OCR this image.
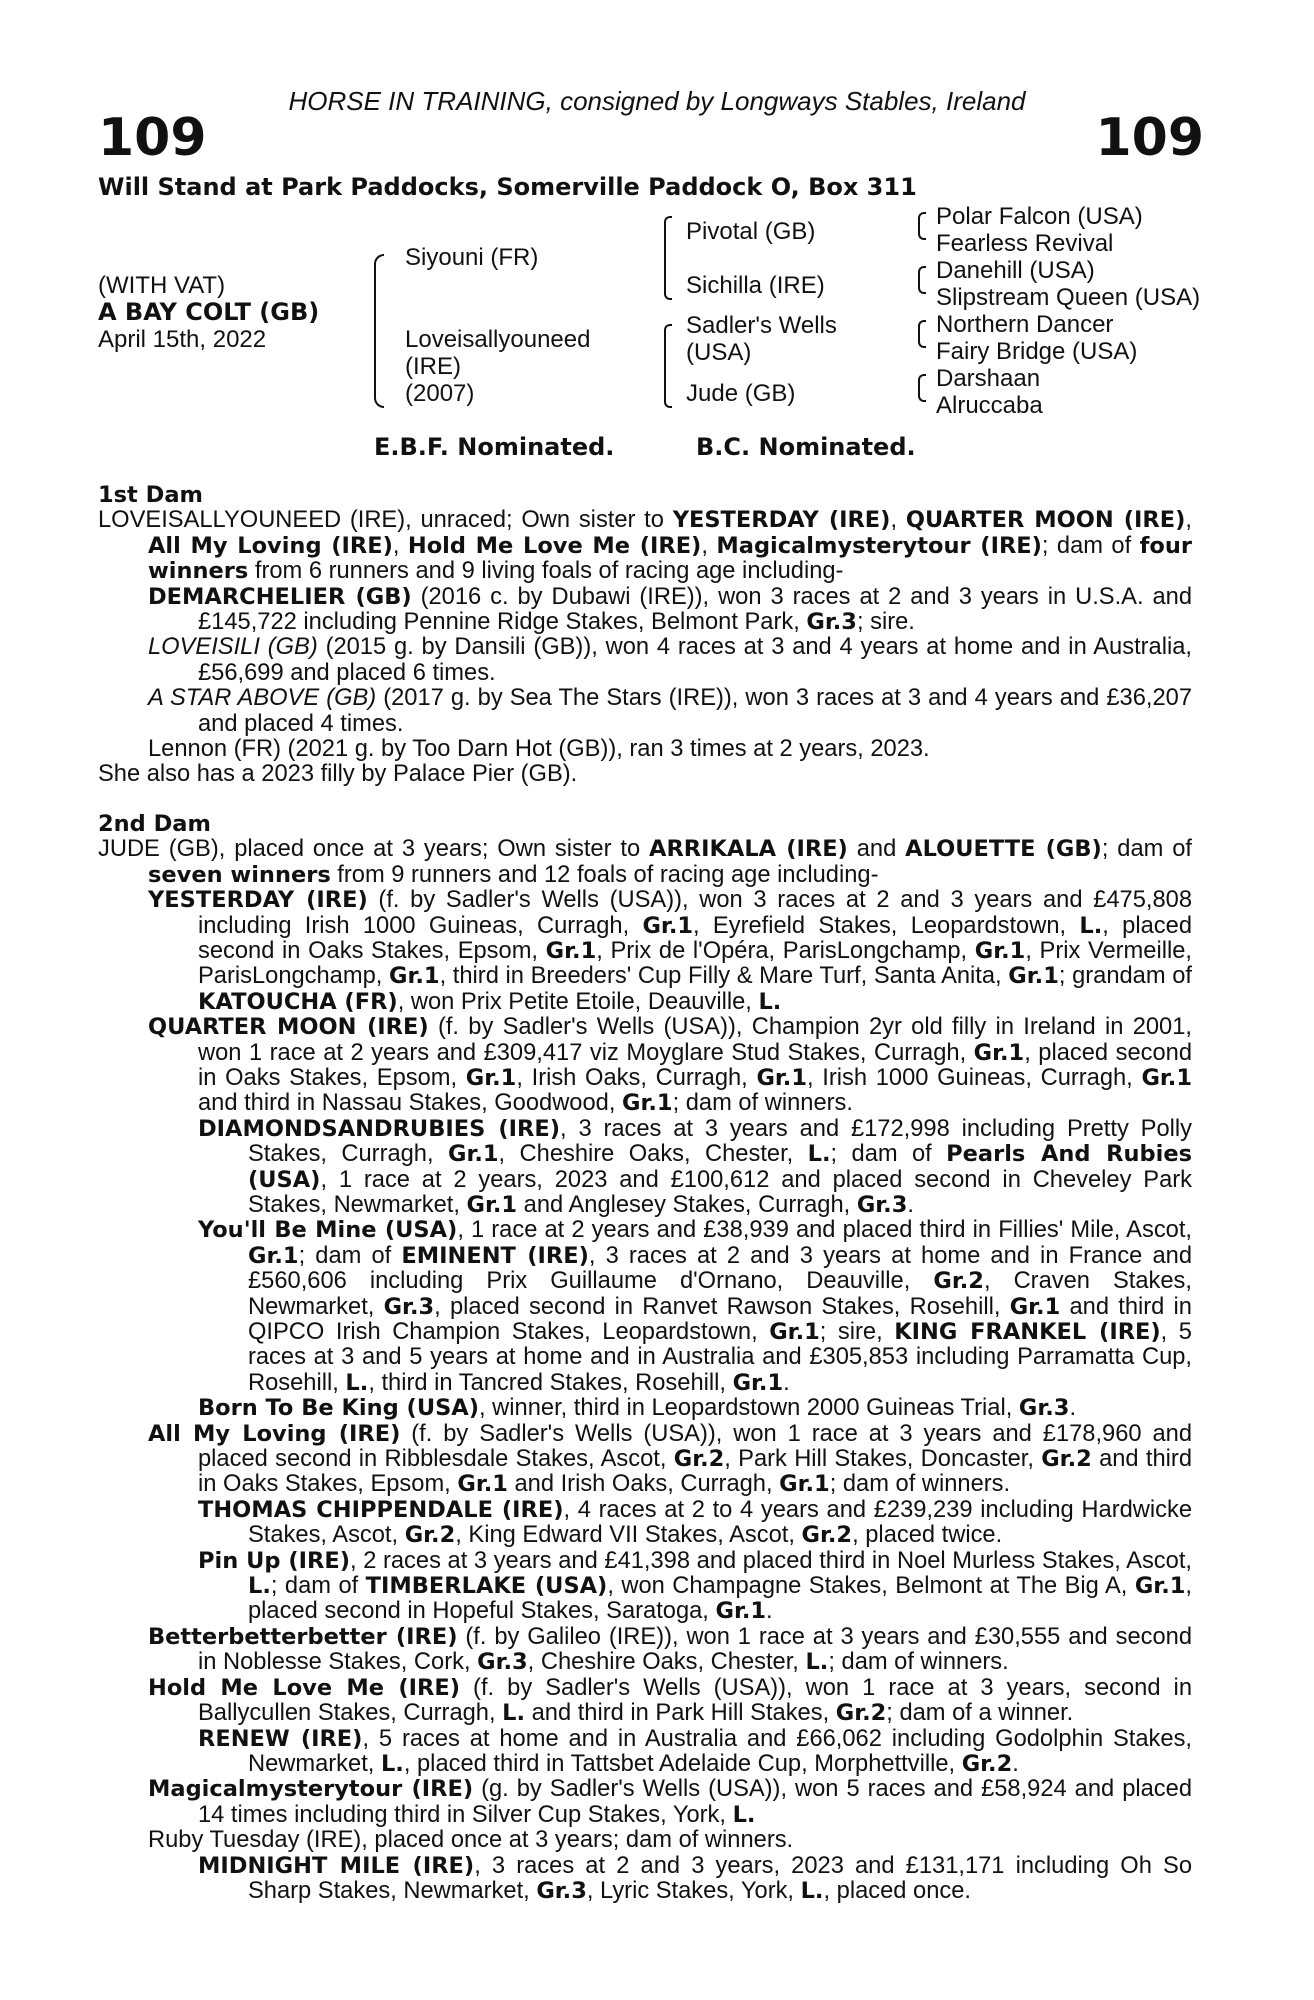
HORSE IN TRAINING, consigned by Longways Stables, Ireland
109	109
Will Stand at Park Paddocks, Somerville Paddock O, Box 311
(WITH VAT)
A BAY COLT (GB)
April 15th, 2022
Siyouni (FR)
Loveisallyouneed
(IRE)
(2007)
Pivotal (GB)
Sichilla (IRE)
Sadler's Wells
(USA)
Jude (GB)
Polar Falcon (USA)
Fearless Revival
Danehill (USA)
Slipstream Queen (USA)
Northern Dancer
Fairy Bridge (USA)
Darshaan
Alruccaba
E.B.F. Nominated.	B.C. Nominated.
1st Dam

LOVEISALLYOUNEED (IRE), unraced; Own sister to YESTERDAY (IRE), QUARTER MOON (IRE), All My Loving (IRE), Hold Me Love Me (IRE), Magicalmysterytour (IRE); dam of four winners from 6 runners and 9 living foals of racing age including-

DEMARCHELIER (GB) (2016 c. by Dubawi (IRE)), won 3 races at 2 and 3 years in U.S.A. and £145,722 including Pennine Ridge Stakes, Belmont Park, Gr.3; sire.

LOVEISILI (GB) (2015 g. by Dansili (GB)), won 4 races at 3 and 4 years at home and in Australia, £56,699 and placed 6 times.

A STAR ABOVE (GB) (2017 g. by Sea The Stars (IRE)), won 3 races at 3 and 4 years and £36,207 and placed 4 times.

Lennon (FR) (2021 g. by Too Darn Hot (GB)), ran 3 times at 2 years, 2023.

She also has a 2023 filly by Palace Pier (GB).

2nd Dam

JUDE (GB), placed once at 3 years; Own sister to ARRIKALA (IRE) and ALOUETTE (GB); dam of seven winners from 9 runners and 12 foals of racing age including-

YESTERDAY (IRE) (f. by Sadler's Wells (USA)), won 3 races at 2 and 3 years and £475,808 including Irish 1000 Guineas, Curragh, Gr.1, Eyrefield Stakes, Leopardstown, L., placed second in Oaks Stakes, Epsom, Gr.1, Prix de l'Opéra, ParisLongchamp, Gr.1, Prix Vermeille, ParisLongchamp, Gr.1, third in Breeders' Cup Filly & Mare Turf, Santa Anita, Gr.1; grandam of KATOUCHA (FR), won Prix Petite Etoile, Deauville, L.

QUARTER MOON (IRE) (f. by Sadler's Wells (USA)), Champion 2yr old filly in Ireland in 2001, won 1 race at 2 years and £309,417 viz Moyglare Stud Stakes, Curragh, Gr.1, placed second in Oaks Stakes, Epsom, Gr.1, Irish Oaks, Curragh, Gr.1, Irish 1000 Guineas, Curragh, Gr.1 and third in Nassau Stakes, Goodwood, Gr.1; dam of winners.

DIAMONDSANDRUBIES (IRE), 3 races at 3 years and £172,998 including Pretty Polly Stakes, Curragh, Gr.1, Cheshire Oaks, Chester, L.; dam of Pearls And Rubies (USA), 1 race at 2 years, 2023 and £100,612 and placed second in Cheveley Park Stakes, Newmarket, Gr.1 and Anglesey Stakes, Curragh, Gr.3.

You'll Be Mine (USA), 1 race at 2 years and £38,939 and placed third in Fillies' Mile, Ascot, Gr.1; dam of EMINENT (IRE), 3 races at 2 and 3 years at home and in France and £560,606 including Prix Guillaume d'Ornano, Deauville, Gr.2, Craven Stakes, Newmarket, Gr.3, placed second in Ranvet Rawson Stakes, Rosehill, Gr.1 and third in QIPCO Irish Champion Stakes, Leopardstown, Gr.1; sire, KING FRANKEL (IRE), 5 races at 3 and 5 years at home and in Australia and £305,853 including Parramatta Cup, Rosehill, L., third in Tancred Stakes, Rosehill, Gr.1.

Born To Be King (USA), winner, third in Leopardstown 2000 Guineas Trial, Gr.3.

All My Loving (IRE) (f. by Sadler's Wells (USA)), won 1 race at 3 years and £178,960 and placed second in Ribblesdale Stakes, Ascot, Gr.2, Park Hill Stakes, Doncaster, Gr.2 and third in Oaks Stakes, Epsom, Gr.1 and Irish Oaks, Curragh, Gr.1; dam of winners.

THOMAS CHIPPENDALE (IRE), 4 races at 2 to 4 years and £239,239 including Hardwicke Stakes, Ascot, Gr.2, King Edward VII Stakes, Ascot, Gr.2, placed twice.

Pin Up (IRE), 2 races at 3 years and £41,398 and placed third in Noel Murless Stakes, Ascot, L.; dam of TIMBERLAKE (USA), won Champagne Stakes, Belmont at The Big A, Gr.1, placed second in Hopeful Stakes, Saratoga, Gr.1.

Betterbetterbetter (IRE) (f. by Galileo (IRE)), won 1 race at 3 years and £30,555 and second in Noblesse Stakes, Cork, Gr.3, Cheshire Oaks, Chester, L.; dam of winners.

Hold Me Love Me (IRE) (f. by Sadler's Wells (USA)), won 1 race at 3 years, second in Ballycullen Stakes, Curragh, L. and third in Park Hill Stakes, Gr.2; dam of a winner.

RENEW (IRE), 5 races at home and in Australia and £66,062 including Godolphin Stakes, Newmarket, L., placed third in Tattsbet Adelaide Cup, Morphettville, Gr.2.

Magicalmysterytour (IRE) (g. by Sadler's Wells (USA)), won 5 races and £58,924 and placed 14 times including third in Silver Cup Stakes, York, L.

Ruby Tuesday (IRE), placed once at 3 years; dam of winners.

MIDNIGHT MILE (IRE), 3 races at 2 and 3 years, 2023 and £131,171 including Oh So Sharp Stakes, Newmarket, Gr.3, Lyric Stakes, York, L., placed once.
